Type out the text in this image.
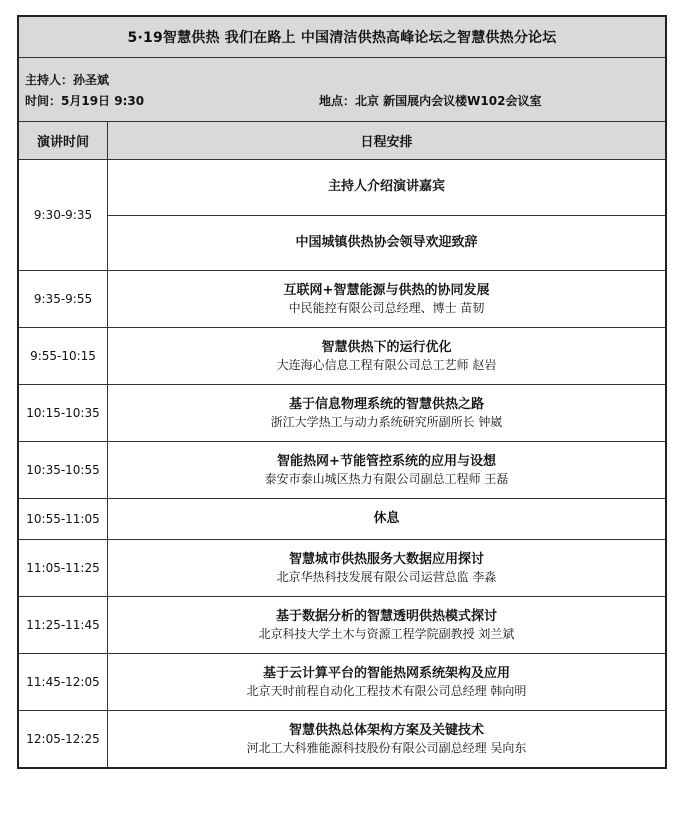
5·19智慧供热 我们在路上 中国清洁供热高峰论坛之智慧供热分论坛
主持人：孙圣斌
时间：5月19日 9:30	地点：北京 新国展内会议楼W102会议室
演讲时间	日程安排
9:30-9:35
主持人介绍演讲嘉宾
中国城镇供热协会领导欢迎致辞
9:35-9:55
互联网+智慧能源与供热的协同发展
中民能控有限公司总经理、博士 苗韧
9:55-10:15
智慧供热下的运行优化
大连海心信息工程有限公司总工艺师 赵岩
10:15-10:35
基于信息物理系统的智慧供热之路
浙江大学热工与动力系统研究所副所长 钟崴
10:35-10:55
智能热网+节能管控系统的应用与设想
泰安市泰山城区热力有限公司副总工程师 王磊
10:55-11:05	休息
11:05-11:25
智慧城市供热服务大数据应用探讨
北京华热科技发展有限公司运营总监 李淼
11:25-11:45
基于数据分析的智慧透明供热模式探讨
北京科技大学土木与资源工程学院副教授 刘兰斌
11:45-12:05
基于云计算平台的智能热网系统架构及应用
北京天时前程自动化工程技术有限公司总经理 韩向明
12:05-12:25
智慧供热总体架构方案及关键技术
河北工大科雅能源科技股份有限公司副总经理 吴向东
